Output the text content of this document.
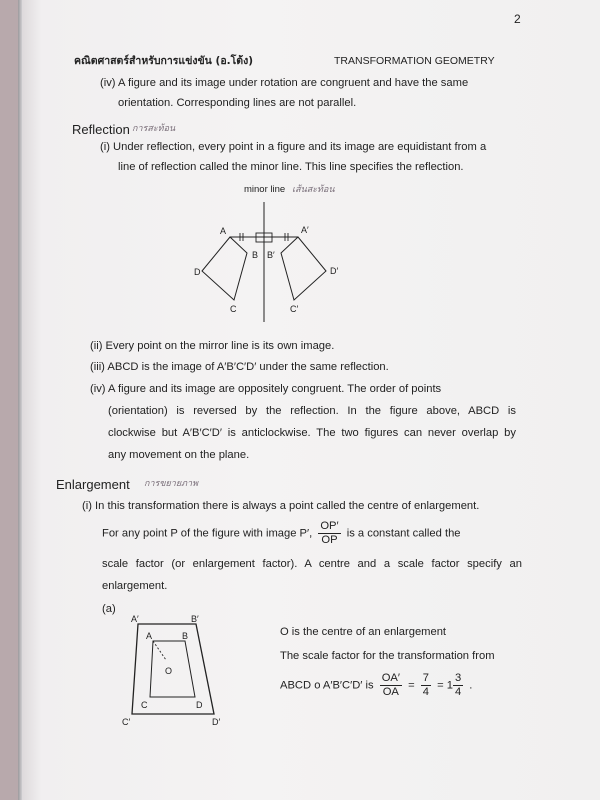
2
คณิตศาสตร์สำหรับการแข่งขัน (อ.โต้ง)	TRANSFORMATION GEOMETRY
(iv) A figure and its image under rotation are congruent and have the same
orientation. Corresponding lines are not parallel.
Reflection การสะท้อน
(i) Under reflection, every point in a figure and its image are equidistant from a
line of reflection called the minor line. This line specifies the reflection.
minor line เส้นสะท้อน
A
B
C
D
A′
B′
C′
D′
(ii) Every point on the mirror line is its own image.
(iii) ABCD is the image of A′B′C′D′ under the same reflection.
(iv) A figure and its image are oppositely congruent. The order of points
(orientation) is reversed by the reflection. In the figure above, ABCD is
clockwise but A′B′C′D′ is anticlockwise. The two figures can never overlap by
any movement on the plane.
Enlargement การขยายภาพ
(i) In this transformation there is always a point called the centre of enlargement.
For any point P of the figure with image P′, $\frac{OP'}{OP}$ is a constant called the
scale factor (or enlargement factor). A centre and a scale factor specify an
enlargement.
(a)
A′	B′
A	B
O
C	D
C′	D′
O is the centre of an enlargement
The scale factor for the transformation from
ABCD o A′B′C′D′ is $\frac{OA'}{OA} = \frac{7}{4} = 1 \frac{3}{4}$ .
